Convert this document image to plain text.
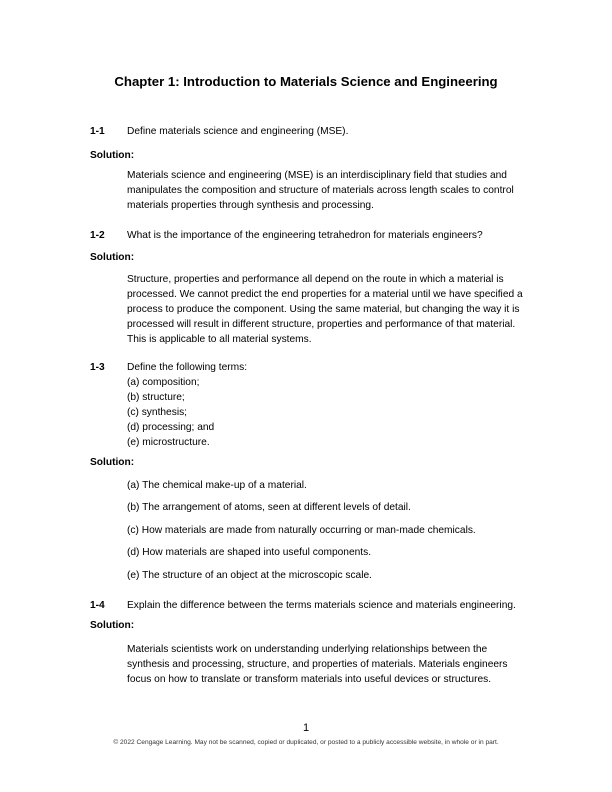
Chapter 1: Introduction to Materials Science and Engineering
1-1 Define materials science and engineering (MSE).
Solution:
Materials science and engineering (MSE) is an interdisciplinary field that studies and
manipulates the composition and structure of materials across length scales to control
materials properties through synthesis and processing.
1-2 What is the importance of the engineering tetrahedron for materials engineers?
Solution:
Structure, properties and performance all depend on the route in which a material is
processed. We cannot predict the end properties for a material until we have specified a
process to produce the component. Using the same material, but changing the way it is
processed will result in different structure, properties and performance of that material.
This is applicable to all material systems.
1-3 Define the following terms:
(a) composition;
(b) structure;
(c) synthesis;
(d) processing; and
(e) microstructure.
Solution:
(a) The chemical make-up of a material.
(b) The arrangement of atoms, seen at different levels of detail.
(c) How materials are made from naturally occurring or man-made chemicals.
(d) How materials are shaped into useful components.
(e) The structure of an object at the microscopic scale.
1-4 Explain the difference between the terms materials science and materials engineering.
Solution:
Materials scientists work on understanding underlying relationships between the
synthesis and processing, structure, and properties of materials. Materials engineers
focus on how to translate or transform materials into useful devices or structures.
1
© 2022 Cengage Learning. May not be scanned, copied or duplicated, or posted to a publicly accessible website, in whole or in part.
